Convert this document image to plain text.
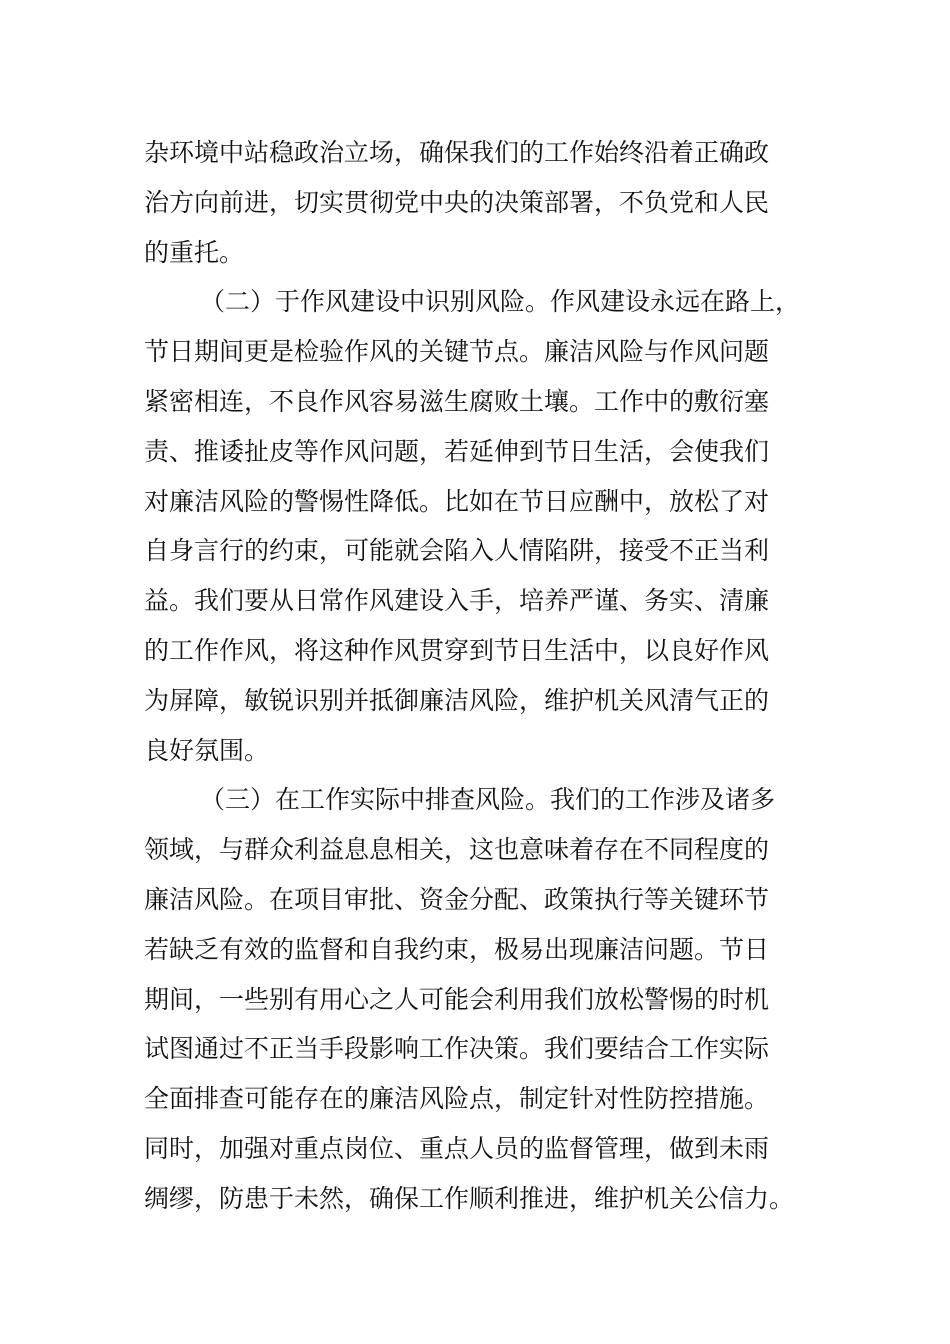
杂环境中站稳政治立场，确保我们的工作始终沿着正确政
治方向前进，切实贯彻党中央的决策部署，不负党和人民
的重托。
（二）于作风建设中识别风险。作风建设永远在路上，
节日期间更是检验作风的关键节点。廉洁风险与作风问题
紧密相连，不良作风容易滋生腐败土壤。工作中的敷衍塞
责、推诿扯皮等作风问题，若延伸到节日生活，会使我们
对廉洁风险的警惕性降低。比如在节日应酬中，放松了对
自身言行的约束，可能就会陷入人情陷阱，接受不正当利
益。我们要从日常作风建设入手，培养严谨、务实、清廉
的工作作风，将这种作风贯穿到节日生活中，以良好作风
为屏障，敏锐识别并抵御廉洁风险，维护机关风清气正的
良好氛围。
（三）在工作实际中排查风险。我们的工作涉及诸多
领域，与群众利益息息相关，这也意味着存在不同程度的
廉洁风险。在项目审批、资金分配、政策执行等关键环节
若缺乏有效的监督和自我约束，极易出现廉洁问题。节日
期间，一些别有用心之人可能会利用我们放松警惕的时机
试图通过不正当手段影响工作决策。我们要结合工作实际
全面排查可能存在的廉洁风险点，制定针对性防控措施。
同时，加强对重点岗位、重点人员的监督管理，做到未雨
绸缪，防患于未然，确保工作顺利推进，维护机关公信力。
